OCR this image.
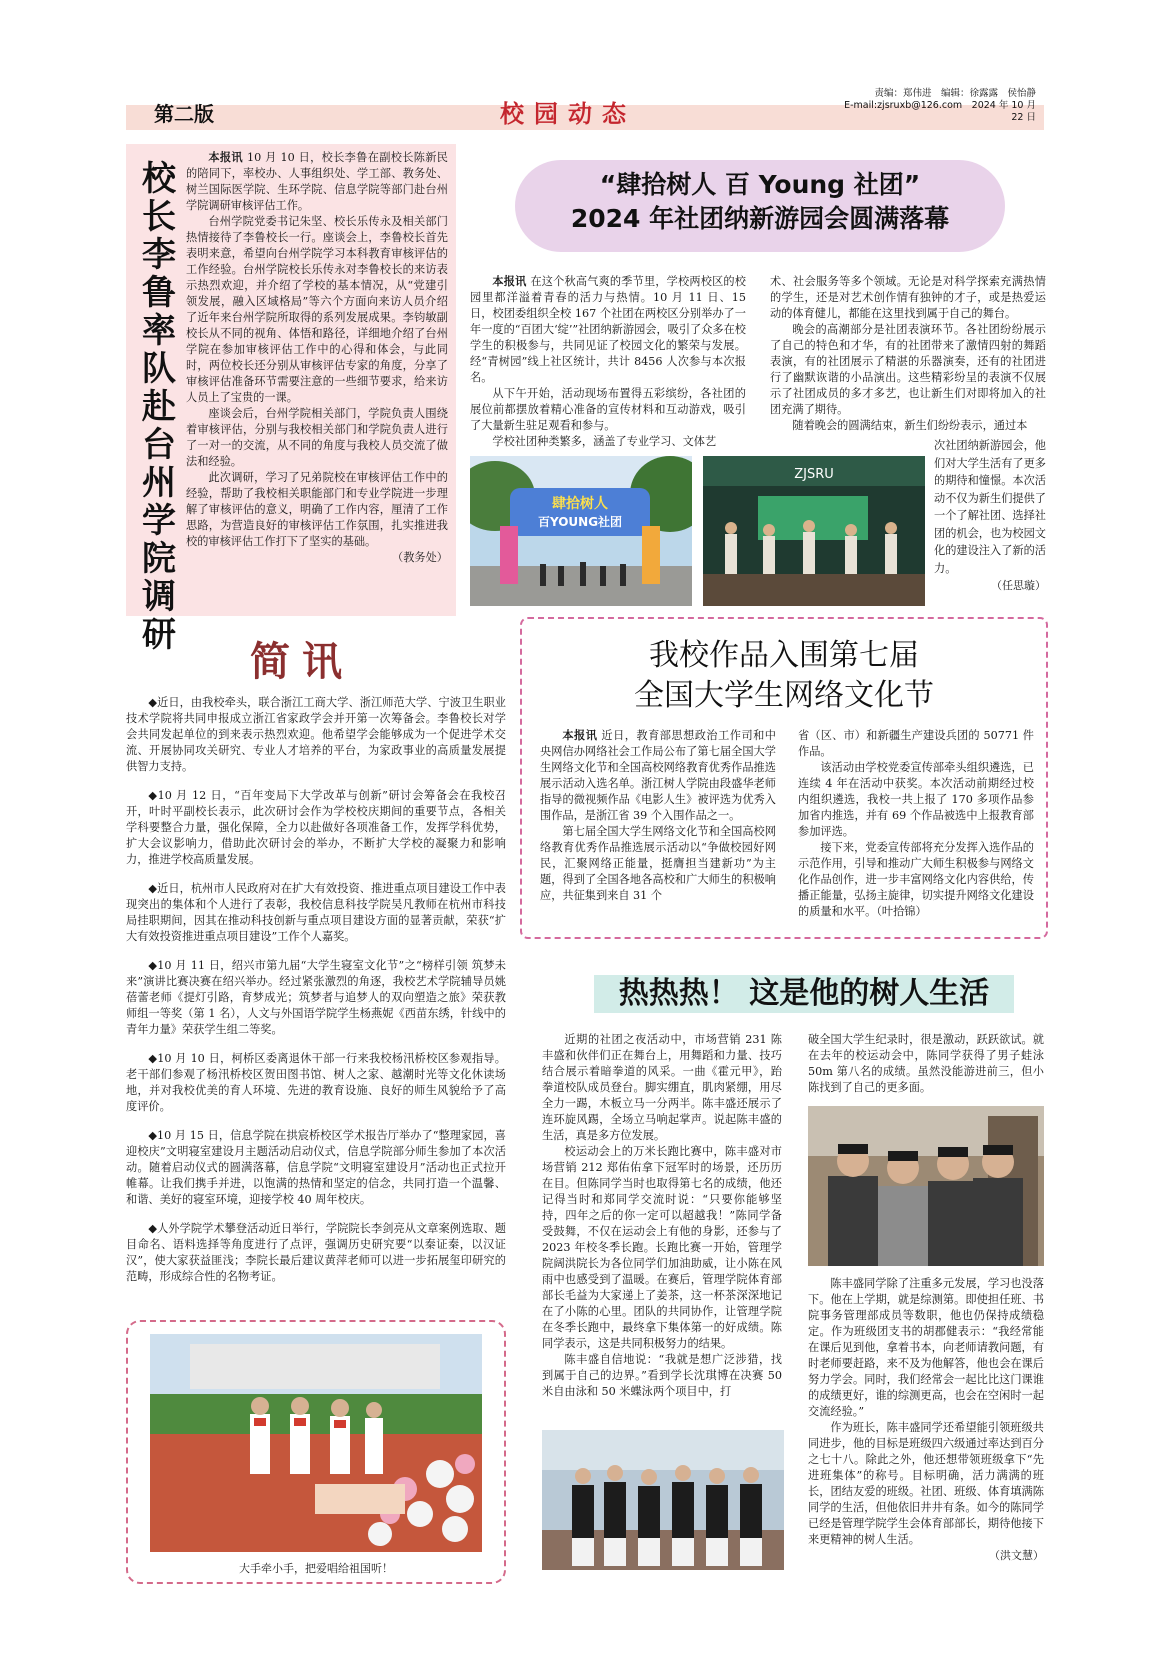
第二版	校园动态
责编：郑伟进　编辑：徐露露　侯怡静
E-mail:zjsruxb@126.com　2024 年 10 月 22 日
校长李鲁率队赴台州学院调研

本报讯 10 月 10 日，校长李鲁在副校长陈新民的陪同下，率校办、人事组织处、学工部、教务处、树兰国际医学院、生环学院、信息学院等部门赴台州学院调研审核评估工作。

台州学院党委书记朱坚、校长乐传永及相关部门热情接待了李鲁校长一行。座谈会上，李鲁校长首先表明来意，希望向台州学院学习本科教育审核评估的工作经验。台州学院校长乐传永对李鲁校长的来访表示热烈欢迎，并介绍了学校的基本情况，从“党建引领发展，融入区域格局”等六个方面向来访人员介绍了近年来台州学院所取得的系列发展成果。李钧敏副校长从不同的视角、体悟和路径，详细地介绍了台州学院在参加审核评估工作中的心得和体会，与此同时，两位校长还分别从审核评估专家的角度，分享了审核评估准备环节需要注意的一些细节要求，给来访人员上了宝贵的一课。

座谈会后，台州学院相关部门，学院负责人围绕着审核评估，分别与我校相关部门和学院负责人进行了一对一的交流，从不同的角度与我校人员交流了做法和经验。

此次调研，学习了兄弟院校在审核评估工作中的经验，帮助了我校相关职能部门和专业学院进一步理解了审核评估的意义，明确了工作内容，厘清了工作思路，为营造良好的审核评估工作氛围，扎实推进我校的审核评估工作打下了坚实的基础。
（教务处）

“肆拾树人 百 Young 社团”
2024 年社团纳新游园会圆满落幕

本报讯 在这个秋高气爽的季节里，学校两校区的校园里都洋溢着青春的活力与热情。10 月 11 日、15 日，校团委组织全校 167 个社团在两校区分别举办了一年一度的“百团大‘绽’”社团纳新游园会，吸引了众多在校学生的积极参与，共同见证了校园文化的繁荣与发展。经“青树园”线上社区统计，共计 8456 人次参与本次报名。

从下午开始，活动现场布置得五彩缤纷，各社团的展位前都摆放着精心准备的宣传材料和互动游戏，吸引了大量新生驻足观看和参与。

学校社团种类繁多，涵盖了专业学习、文体艺

术、社会服务等多个领域。无论是对科学探索充满热情的学生，还是对艺术创作情有独钟的才子，或是热爱运动的体育健儿，都能在这里找到属于自己的舞台。

晚会的高潮部分是社团表演环节。各社团纷纷展示了自己的特色和才华，有的社团带来了激情四射的舞蹈表演，有的社团展示了精湛的乐器演奏，还有的社团进行了幽默诙谐的小品演出。这些精彩纷呈的表演不仅展示了社团成员的多才多艺，也让新生们对即将加入的社团充满了期待。

随着晚会的圆满结束，新生们纷纷表示，通过本

次社团纳新游园会，他们对大学生活有了更多的期待和憧憬。本次活动不仅为新生们提供了一个了解社团、选择社团的机会，也为校园文化的建设注入了新的活力。
（任思璇）
肆拾树人
百YOUNG社团
ZJSRU
简讯

◆近日，由我校牵头，联合浙江工商大学、浙江师范大学、宁波卫生职业技术学院将共同申报成立浙江省家政学会并开第一次筹备会。李鲁校长对学会共同发起单位的到来表示热烈欢迎。他希望学会能够成为一个促进学术交流、开展协同攻关研究、专业人才培养的平台，为家政事业的高质量发展提供智力支持。

◆10 月 12 日，“百年变局下大学改革与创新”研讨会筹备会在我校召开，叶时平副校长表示，此次研讨会作为学校校庆期间的重要节点，各相关学科要整合力量，强化保障，全力以赴做好各项准备工作，发挥学科优势，扩大会议影响力，借助此次研讨会的举办，不断扩大学校的凝聚力和影响力，推进学校高质量发展。

◆近日，杭州市人民政府对在扩大有效投资、推进重点项目建设工作中表现突出的集体和个人进行了表彰，我校信息科技学院吴凡教师在杭州市科技局挂职期间，因其在推动科技创新与重点项目建设方面的显著贡献，荣获“扩大有效投资推进重点项目建设”工作个人嘉奖。

◆10 月 11 日，绍兴市第九届“大学生寝室文化节”之“榜样引领 筑梦未来”演讲比赛决赛在绍兴举办。经过紧张激烈的角逐，我校艺术学院辅导员姚蓓蕾老师《提灯引路，育梦成光；筑梦者与追梦人的双向塑造之旅》荣获教师组一等奖（第 1 名），人文与外国语学院学生杨燕妮《西苗东绣，针线中的青年力量》荣获学生组二等奖。

◆10 月 10 日，柯桥区委离退休干部一行来我校杨汛桥校区参观指导。老干部们参观了杨汛桥校区贺田图书馆、树人之家、越潮时光等文化休读场地，并对我校优美的育人环境、先进的教育设施、良好的师生风貌给予了高度评价。

◆10 月 15 日，信息学院在拱宸桥校区学术报告厅举办了“整理家园，喜迎校庆”文明寝室建设月主题活动启动仪式，信息学院部分师生参加了本次活动。随着启动仪式的圆满落幕，信息学院“文明寝室建设月”活动也正式拉开帷幕。让我们携手并进，以饱满的热情和坚定的信念，共同打造一个温馨、和谐、美好的寝室环境，迎接学校 40 周年校庆。

◆人外学院学术攀登活动近日举行，学院院长李剑亮从文章案例选取、题目命名、语料选择等角度进行了点评，强调历史研究要“以秦证秦，以汉证汉”，使大家获益匪浅；李院长最后建议黄萍老师可以进一步拓展玺印研究的范畴，形成综合性的名物考证。

大手牵小手，把爱唱给祖国听！
我校作品入围第七届
全国大学生网络文化节

本报讯 近日，教育部思想政治工作司和中央网信办网络社会工作局公布了第七届全国大学生网络文化节和全国高校网络教育优秀作品推选展示活动入选名单。浙江树人学院由段盛华老师指导的微视频作品《电影人生》被评选为优秀入围作品，是浙江省 39 个入围作品之一。

第七届全国大学生网络文化节和全国高校网络教育优秀作品推选展示活动以“争做校园好网民，汇聚网络正能量，挺膺担当建新功”为主题，得到了全国各地各高校和广大师生的积极响应，共征集到来自 31 个

省（区、市）和新疆生产建设兵团的 50771 件作品。

该活动由学校党委宣传部牵头组织遴选，已连续 4 年在活动中获奖。本次活动前期经过校内组织遴选，我校一共上报了 170 多项作品参加省内推选，并有 69 个作品被选中上报教育部参加评选。

接下来，党委宣传部将充分发挥入选作品的示范作用，引导和推动广大师生积极参与网络文化作品创作，进一步丰富网络文化内容供给，传播正能量，弘扬主旋律，切实提升网络文化建设的质量和水平。（叶拾锦）

热热热！ 这是他的树人生活

近期的社团之夜活动中，市场营销 231 陈丰盛和伙伴们正在舞台上，用舞蹈和力量、技巧结合展示着暗拳道的风采。一曲《霍元甲》，跆拳道校队成员登台。脚实绷直，肌肉紧绷，用尽全力一踢，木板立马一分两半。陈丰盛还展示了连环旋风踢，全场立马响起掌声。说起陈丰盛的生活，真是多方位发展。

校运动会上的万米长跑比赛中，陈丰盛对市场营销 212 郑佑佑拿下冠军时的场景，还历历在目。但陈同学当时也取得第七名的成绩，他还记得当时和郑同学交流时说：“只要你能够坚持，四年之后的你一定可以超越我！”陈同学备受鼓舞，不仅在运动会上有他的身影，还参与了 2023 年校冬季长跑。长跑比赛一开始，管理学院阔洪院长为各位同学们加油助威，让小陈在风雨中也感受到了温暖。在赛后，管理学院体育部部长毛益为大家递上了姜茶，这一杯茶深深地记在了小陈的心里。团队的共同协作，让管理学院在冬季长跑中，最终拿下集体第一的好成绩。陈同学表示，这是共同积极努力的结果。

陈丰盛自信地说：“我就是想广泛涉猎，找到属于自己的边界。”看到学长沈琪博在决赛 50 米自由泳和 50 米蝶泳两个项目中，打

破全国大学生纪录时，很是激动，跃跃欲试。就在去年的校运动会中，陈同学获得了男子蛙泳 50m 第八名的成绩。虽然没能游进前三，但小陈找到了自己的更多面。

陈丰盛同学除了注重多元发展，学习也没落下。他在上学期，就是综测第。即使担任班、书院事务管理部成员等数职，他也仍保持成绩稳定。作为班级团支书的胡郡健表示：“我经常能在课后见到他，拿着书本，向老师请教问题，有时老师要赶路，来不及为他解答，他也会在课后努力学会。同时，我们经常会一起比比这门课谁的成绩更好，谁的综测更高，也会在空闲时一起交流经验。”

作为班长，陈丰盛同学还希望能引领班级共同进步，他的目标是班级四六级通过率达到百分之七十八。除此之外，他还想带领班级拿下“先进班集体”的称号。目标明确，活力满满的班长，团结友爱的班级。社团、班级、体育填满陈同学的生活，但他依旧井井有条。如今的陈同学已经是管理学院学生会体育部部长，期待他接下来更精神的树人生活。

（洪文慧）
